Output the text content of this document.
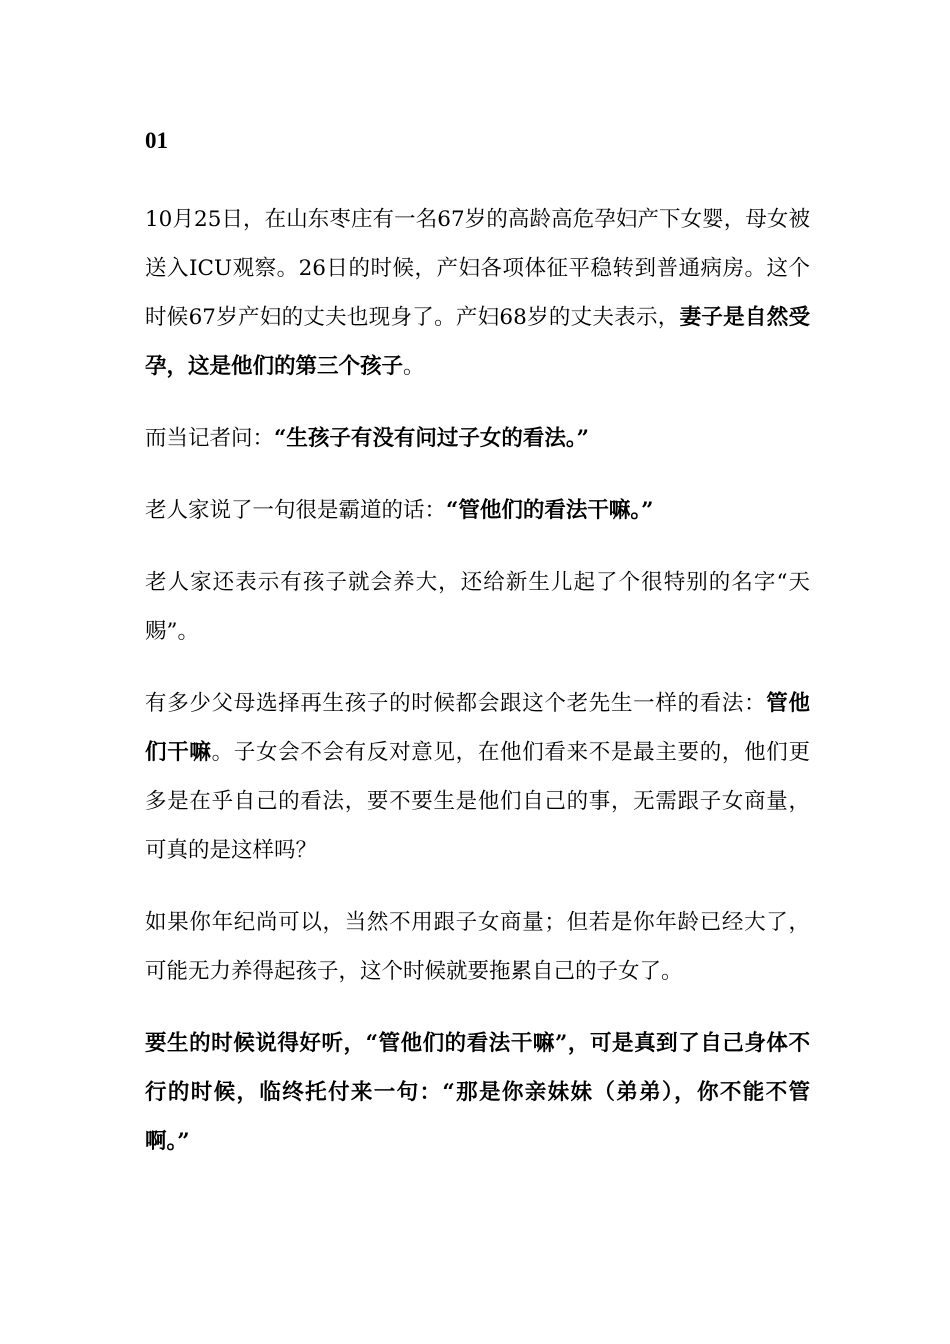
01

10月25日，在山东枣庄有一名67岁的高龄高危孕妇产下女婴，母女被送入ICU观察。26日的时候，产妇各项体征平稳转到普通病房。这个时候67岁产妇的丈夫也现身了。产妇68岁的丈夫表示，妻子是自然受孕，这是他们的第三个孩子。

而当记者问：“生孩子有没有问过子女的看法。”

老人家说了一句很是霸道的话：“管他们的看法干嘛。”

老人家还表示有孩子就会养大，还给新生儿起了个很特别的名字“天赐”。

有多少父母选择再生孩子的时候都会跟这个老先生一样的看法：管他们干嘛。子女会不会有反对意见，在他们看来不是最主要的，他们更多是在乎自己的看法，要不要生是他们自己的事，无需跟子女商量，可真的是这样吗？

如果你年纪尚可以，当然不用跟子女商量；但若是你年龄已经大了，可能无力养得起孩子，这个时候就要拖累自己的子女了。

要生的时候说得好听，“管他们的看法干嘛”，可是真到了自己身体不行的时候，临终托付来一句：“那是你亲妹妹（弟弟），你不能不管啊。”
